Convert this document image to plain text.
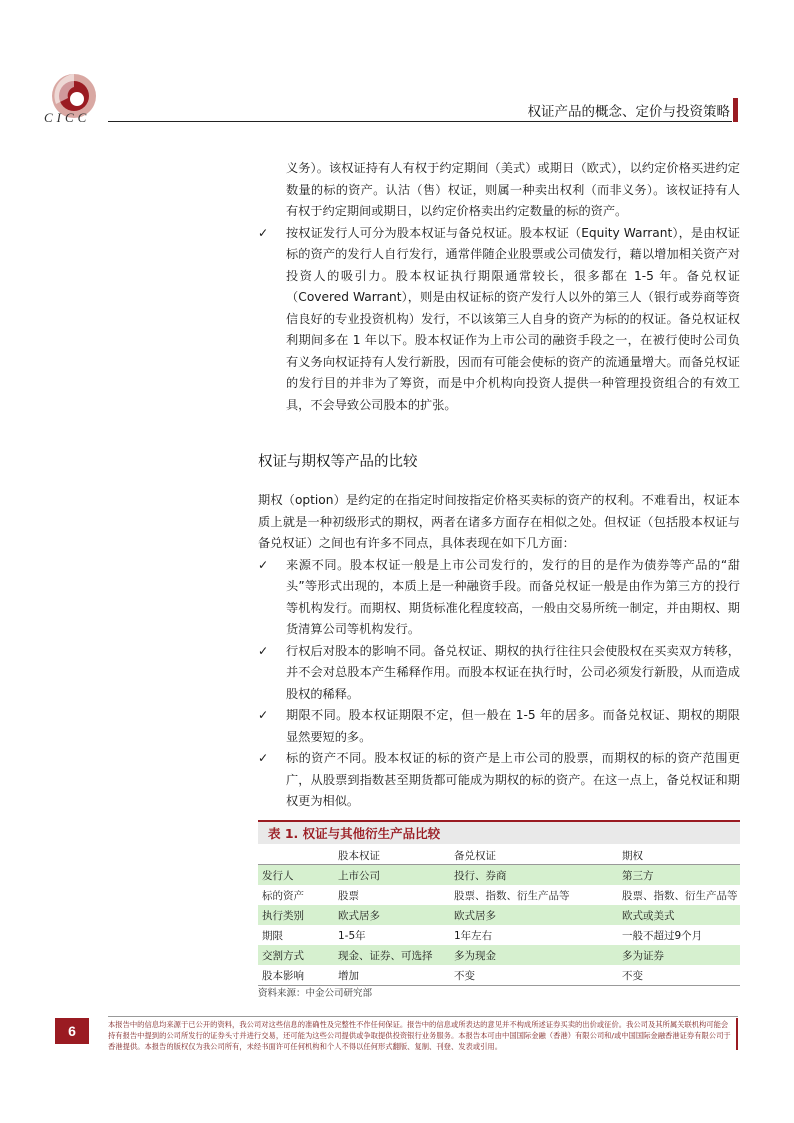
CICC	权证产品的概念、定价与投资策略

义务）。该权证持有人有权于约定期间（美式）或期日（欧式），以约定价格买进约定数量的标的资产。认沽（售）权证，则属一种卖出权利（而非义务）。该权证持有人有权于约定期间或期日，以约定价格卖出约定数量的标的资产。

✓ 按权证发行人可分为股本权证与备兑权证。股本权证（Equity Warrant），是由权证标的资产的发行人自行发行，通常伴随企业股票或公司债发行，藉以增加相关资产对投资人的吸引力。股本权证执行期限通常较长，很多都在 1-5 年。备兑权证（Covered Warrant），则是由权证标的资产发行人以外的第三人（银行或券商等资信良好的专业投资机构）发行，不以该第三人自身的资产为标的的权证。备兑权证权利期间多在 1 年以下。股本权证作为上市公司的融资手段之一，在被行使时公司负有义务向权证持有人发行新股，因而有可能会使标的资产的流通量增大。而备兑权证的发行目的并非为了筹资，而是中介机构向投资人提供一种管理投资组合的有效工具，不会导致公司股本的扩张。

权证与期权等产品的比较

期权（option）是约定的在指定时间按指定价格买卖标的资产的权利。不难看出，权证本质上就是一种初级形式的期权，两者在诸多方面存在相似之处。但权证（包括股本权证与备兑权证）之间也有许多不同点，具体表现在如下几方面：

✓ 来源不同。股本权证一般是上市公司发行的，发行的目的是作为债券等产品的“甜头”等形式出现的，本质上是一种融资手段。而备兑权证一般是由作为第三方的投行等机构发行。而期权、期货标准化程度较高，一般由交易所统一制定，并由期权、期货清算公司等机构发行。

✓ 行权后对股本的影响不同。备兑权证、期权的执行往往只会使股权在买卖双方转移，并不会对总股本产生稀释作用。而股本权证在执行时，公司必须发行新股，从而造成股权的稀释。

✓ 期限不同。股本权证期限不定，但一般在 1-5 年的居多。而备兑权证、期权的期限显然要短的多。

✓ 标的资产不同。股本权证的标的资产是上市公司的股票，而期权的标的资产范围更广，从股票到指数甚至期货都可能成为期权的标的资产。在这一点上，备兑权证和期权更为相似。

表 1. 权证与其他衍生产品比较
	股本权证	备兑权证	期权
发行人	上市公司	投行、券商	第三方
标的资产	股票	股票、指数、衍生产品等	股票、指数、衍生产品等
执行类别	欧式居多	欧式居多	欧式或美式
期限	1-5年	1年左右	一般不超过9个月
交割方式	现金、证券、可选择	多为现金	多为证券
股本影响	增加	不变	不变
资料来源：中金公司研究部
6	本报告中的信息均来源于已公开的资料，我公司对这些信息的准确性及完整性不作任何保证。报告中的信息或所表达的意见并不构成所述证券买卖的出价或征价。我公司及其所属关联机构可能会持有报告中提到的公司所发行的证券头寸并进行交易，还可能为这些公司提供或争取提供投资银行业务服务。本报告本可由中国国际金融（香港）有限公司和/或中国国际金融香港证券有限公司于香港提供。本报告的版权仅为我公司所有，未经书面许可任何机构和个人不得以任何形式翻版、复制、刊登、发表或引用。
